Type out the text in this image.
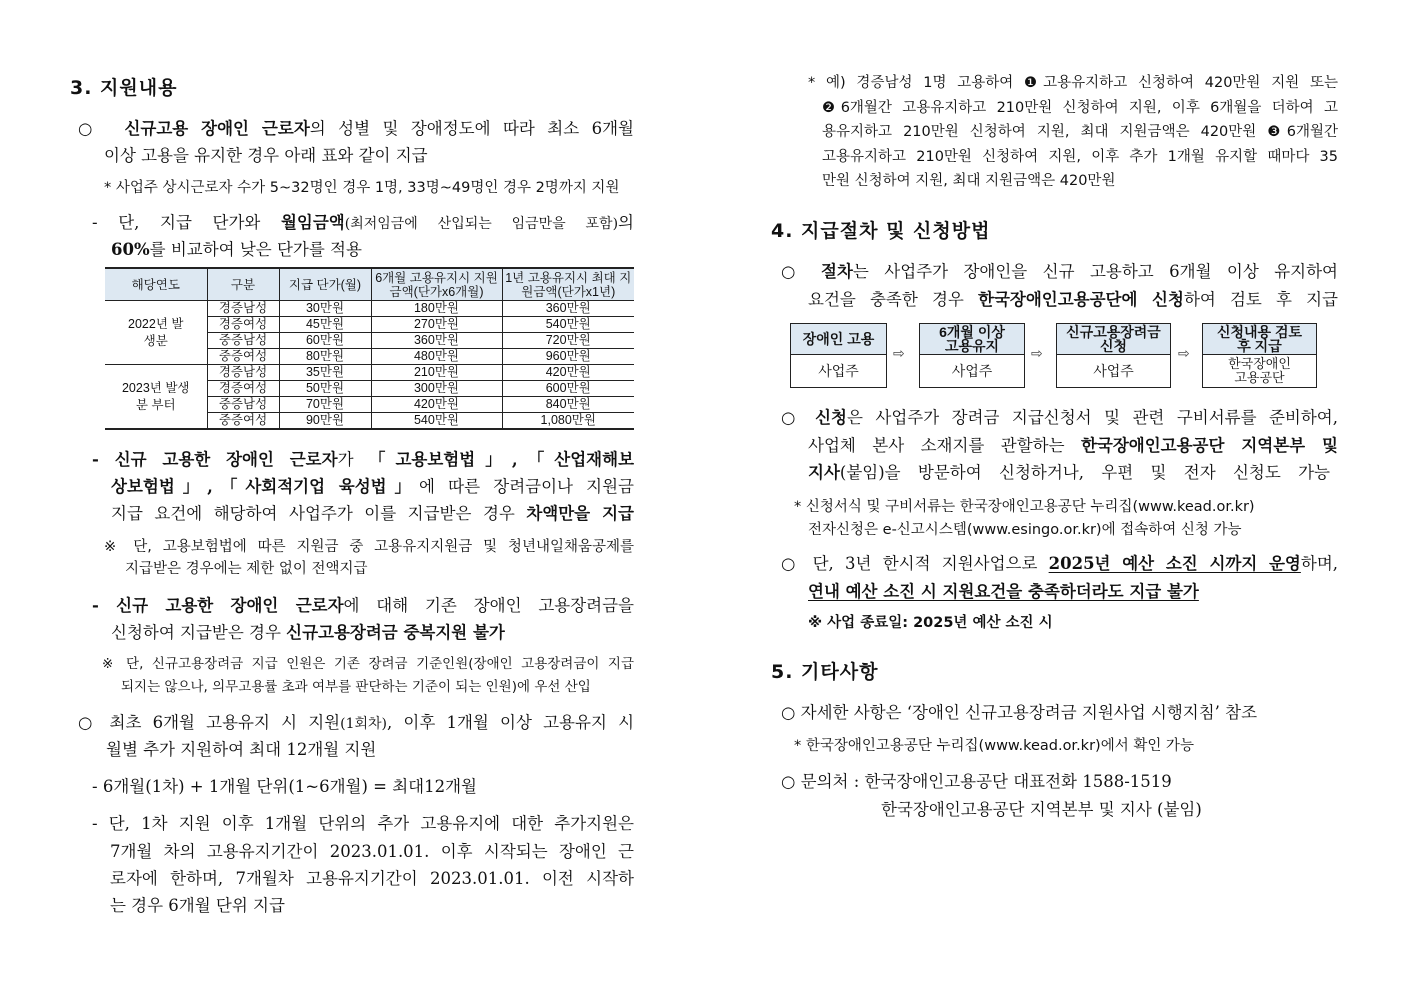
3. 지원내용
○ 신규고용 장애인 근로자의 성별 및 장애정도에 따라 최소 6개월
이상 고용을 유지한 경우 아래 표와 같이 지급
* 사업주 상시근로자 수가 5~32명인 경우 1명, 33명~49명인 경우 2명까지 지원
- 단, 지급 단가와 월임금액(최저임금에 산입되는 임금만을 포함)의
60%를 비교하여 낮은 단가를 적용
해당연도	구분	지급 단가(월)	6개월 고용유지시 지원금액(단가x6개월)	1년 고용유지시 최대 지원금액(단가x1년)
2022년 발생분	경증남성	30만원	180만원	360만원
	경증여성	45만원	270만원	540만원
	중증남성	60만원	360만원	720만원
	중증여성	80만원	480만원	960만원
2023년 발생분 부터	경증남성	35만원	210만원	420만원
	경증여성	50만원	300만원	600만원
	중증남성	70만원	420만원	840만원
	중증여성	90만원	540만원	1,080만원
- 신규 고용한 장애인 근로자가 「고용보험법」,「산업재해보
상보험법」,「사회적기업 육성법」에 따른 장려금이나 지원금
지급 요건에 해당하여 사업주가 이를 지급받은 경우 차액만을 지급
※ 단, 고용보험법에 따른 지원금 중 고용유지지원금 및 청년내일채움공제를
지급받은 경우에는 제한 없이 전액지급
- 신규 고용한 장애인 근로자에 대해 기존 장애인 고용장려금을
신청하여 지급받은 경우 신규고용장려금 중복지원 불가
※ 단, 신규고용장려금 지급 인원은 기존 장려금 기준인원(장애인 고용장려금이 지급
되지는 않으나, 의무고용률 초과 여부를 판단하는 기준이 되는 인원)에 우선 산입
○ 최초 6개월 고용유지 시 지원(1회차), 이후 1개월 이상 고용유지 시
월별 추가 지원하여 최대 12개월 지원
- 6개월(1차) + 1개월 단위(1~6개월) = 최대12개월
- 단, 1차 지원 이후 1개월 단위의 추가 고용유지에 대한 추가지원은
7개월 차의 고용유지기간이 2023.01.01. 이후 시작되는 장애인 근
로자에 한하며, 7개월차 고용유지기간이 2023.01.01. 이전 시작하
는 경우 6개월 단위 지급
* 예) 경증남성 1명 고용하여 ❶고용유지하고 신청하여 420만원 지원 또는
❷6개월간 고용유지하고 210만원 신청하여 지원, 이후 6개월을 더하여 고
용유지하고 210만원 신청하여 지원, 최대 지원금액은 420만원 ❸6개월간
고용유지하고 210만원 신청하여 지원, 이후 추가 1개월 유지할 때마다 35
만원 신청하여 지원, 최대 지원금액은 420만원
4. 지급절차 및 신청방법
○ 절차는 사업주가 장애인을 신규 고용하고 6개월 이상 유지하여
요건을 충족한 경우 한국장애인고용공단에 신청하여 검토 후 지급
장애인 고용
사업주
⇨
6개월 이상 고용유지
사업주
⇨
신규고용장려금 신청
사업주
⇨
신청내용 검토 후 지급
한국장애인 고용공단
○ 신청은 사업주가 장려금 지급신청서 및 관련 구비서류를 준비하여,
사업체 본사 소재지를 관할하는 한국장애인고용공단 지역본부 및
지사(붙임)을 방문하여 신청하거나, 우편 및 전자 신청도 가능
* 신청서식 및 구비서류는 한국장애인고용공단 누리집(www.kead.or.kr)
전자신청은 e-신고시스템(www.esingo.or.kr)에 접속하여 신청 가능
○ 단, 3년 한시적 지원사업으로 2025년 예산 소진 시까지 운영하며,
연내 예산 소진 시 지원요건을 충족하더라도 지급 불가
※ 사업 종료일: 2025년 예산 소진 시
5. 기타사항
○ 자세한 사항은 ‘장애인 신규고용장려금 지원사업 시행지침’ 참조
* 한국장애인고용공단 누리집(www.kead.or.kr)에서 확인 가능
○ 문의처 : 한국장애인고용공단 대표전화 1588-1519
한국장애인고용공단 지역본부 및 지사 (붙임)
